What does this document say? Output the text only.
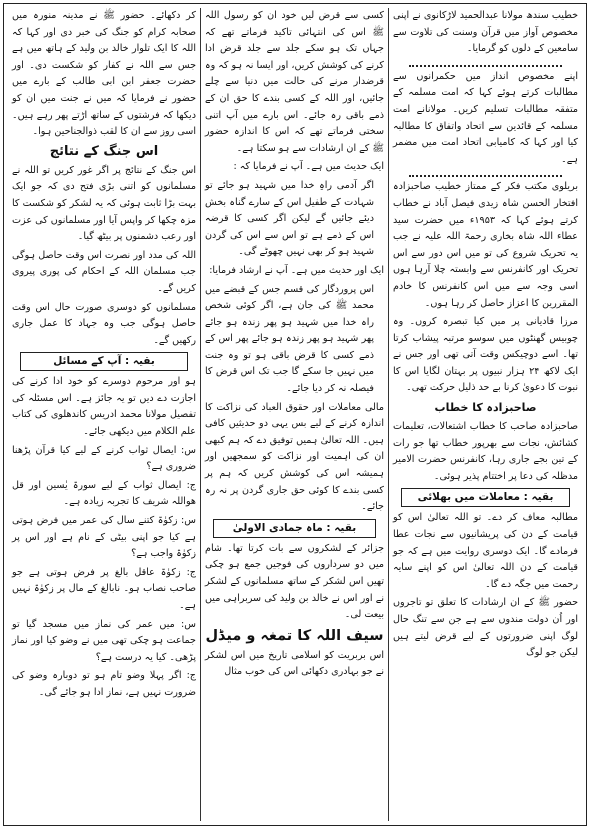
خطیب سندھ مولانا عبدالحمید لاڑکانوی نے اپنی مخصوص آواز میں قرآن وسنت کی تلاوت سے سامعین کے دلوں کو گرمایا۔

اپنے مخصوص انداز میں حکمرانوں سے مطالبات کرتے ہوئے کہا کہ امت مسلمہ کے متفقہ مطالبات تسلیم کریں۔ مولانانے امت مسلمہ کے قائدین سے اتحاد واتفاق کا مطالبہ کیا اور کہا کہ کامیابی اتحاد امت میں مضمر ہے۔

بریلوی مکتب فکر کے ممتاز خطیب صاحبزادہ افتخار الحسن شاہ زیدی فیصل آباد نے خطاب کرتے ہوئے کہا کہ ۱۹۵۳ء میں حضرت سید عطاء اللہ شاہ بخاری رحمۃ اللہ علیہ نے جب یہ تحریک شروع کی تو میں اس دور سے اس تحریک اور کانفرنس سے وابستہ چلا آرہا ہوں اسی وجہ سے میں اس کانفرنس کا خادم المقررین کا اعزاز حاصل کر رہا ہوں۔

مرزا قادیانی پر میں کیا تبصرہ کروں۔ وہ چوبیس گھنٹوں میں سوسو مرتبہ پیشاب کرتا تھا۔ اسے دوچیکس وقت آتی تھی اور جس نے ایک لاکھ ۲۴ ہزار نبیوں پر بہتان لگایا اس کا نبوت کا دعویٰ کرنا بے حد ذلیل حرکت تھی۔

صاحبزادہ کا خطاب

صاحبزادہ صاحب کا خطاب اشتعالات، تعلیمات کشائش، نجات سے بھرپور خطاب تھا جو رات کے تین بجے جاری رہا، کانفرنس حضرت الامیر مدظلہ کی دعا پر اختتام پذیر ہوئی۔

بقیہ : معاملات میں بھلائی

مطالبہ معاف کر دے۔ تو اللہ تعالیٰ اس کو قیامت کے دن کی پریشانیوں سے نجات عطا فرمادے گا۔ ایک دوسری روایت میں ہے کہ جو قیامت کے دن اللہ تعالیٰ اس کو اپنے سایہ رحمت میں جگہ دے گا۔

حضور ﷺ کے ان ارشادات کا تعلق تو تاجروں اور اُن دولت مندوں سے ہے جن سے تنگ حال لوگ اپنی ضرورتوں کے لیے قرض لیتے ہیں لیکن جو لوگ

کسی سے قرض لیں خود ان کو رسول اللہ ﷺ اس کی انتہائی تاکید فرماتے تھے کہ جہاں تک ہو سکے جلد سے جلد قرض ادا کرنے کی کوشش کریں، اور ایسا نہ ہو کہ وہ قرضدار مرنے کی حالت میں دنیا سے چلے جائیں، اور اللہ کے کسی بندے کا حق ان کے ذمے باقی رہ جائے۔ اس بارے میں آپ اتنی سختی فرماتے تھے کہ اس کا اندازہ حضور ﷺ کے ان ارشادات سے ہو سکتا ہے۔

ایک حدیث میں ہے۔ آپ نے فرمایا کہ :

اگر آدمی راہِ خدا میں شہید ہو جائے تو شہادت کے طفیل اس کے سارے گناہ بخش دیئے جائیں گے لیکن اگر کسی کا قرضہ اس کے ذمے ہے تو اس سے اس کی گردن شہید ہو کر بھی نہیں چھوٹے گی۔

ایک اور حدیث میں ہے۔ آپ نے ارشاد فرمایا:

اس پروردگار کی قسم جس کے قبضے میں محمد ﷺ کی جان ہے، اگر کوئی شخص راہ خدا میں شہید ہو پھر زندہ ہو جائے پھر شہید ہو پھر زندہ ہو جائے پھر اس کے ذمے کسی کا قرض باقی ہو تو وہ جنت میں نہیں جا سکے گا جب تک اس قرض کا فیصلہ نہ کر دیا جائے۔

مالی معاملات اور حقوق العباد کی نزاکت کا اندازہ کرنے کے لیے بس یہی دو حدیثیں کافی ہیں۔ اللہ تعالیٰ ہمیں توفیق دے کہ ہم کبھی ان کی اہمیت اور نزاکت کو سمجھیں اور ہمیشہ اس کی کوشش کریں کہ ہم پر کسی بندے کا کوئی حق جاری گردن پر نہ رہ جائے۔

بقیہ : ماہ جمادی الاولیٰ

جزائر کے لشکروں سے بات کرتا تھا۔ شام میں دو سرداروں کی فوجیں جمع ہو چکی تھیں اس لشکر کے ساتھ مسلمانوں کے لشکر نے اور اس نے خالد بن ولید کی سربراہی میں بیعت لی۔

سیف اللہ کا تمغہ و میڈل

اس بربریت کو اسلامی تاریخ میں اس لشکر نے جو بہادری دکھائی اس کی خوب مثال

کر دکھائے۔ حضور ﷺ نے مدینہ منورہ میں صحابہ کرام کو جنگ کی خبر دی اور کہا کہ اللہ کا ایک تلوار خالد بن ولید کے ہاتھ میں ہے جس سے اللہ نے کفار کو شکست دی۔ اور حضرت جعفر ابن ابی طالب کے بارے میں حضور نے فرمایا کہ میں نے جنت میں ان کو دیکھا کہ فرشتوں کے ساتھ اڑتے پھر رہے ہیں۔ اسی روز سے ان کا لقب ذوالجناحین ہوا۔

اس جنگ کے نتائج

اس جنگ کے نتائج پر اگر غور کریں تو اللہ نے مسلمانوں کو اتنی بڑی فتح دی کہ جو ایک بہت بڑا ثابت ہوئی کہ یہ لشکر کو شکست کا مزہ چکھا کر واپس آیا اور مسلمانوں کی عزت اور رعب دشمنوں پر بیٹھ گیا۔

اللہ کی مدد اور نصرت اس وقت حاصل ہوگی جب مسلمان اللہ کے احکام کی پوری پیروی کریں گے۔

مسلمانوں کو دوسری صورت حال اس وقت حاصل ہوگی جب وہ جہاد کا عمل جاری رکھیں گے۔

بقیہ : آپ کے مسائل

ہو اور مرحوم دوسرے کو خود ادا کرنے کی اجازت دے دیں تو یہ جائز ہے۔ اس مسئلہ کی تفصیل مولانا محمد ادریس کاندھلوی کی کتاب علم الکلام میں دیکھی جائے۔

س: ایصال ثواب کرنے کے لیے کیا قرآن پڑھنا ضروری ہے؟

ج: ایصال ثواب کے لیے سورۃ یٰسین اور قل ھواللہ شریف کا تجربہ زیادہ ہے۔

س: زکوٰۃ کتنے سال کی عمر میں فرض ہوتی ہے کیا جو اپنی بیٹی کے نام ہے اور اس پر زکوٰۃ واجب ہے؟

ج: زکوٰۃ عاقل بالغ پر فرض ہوتی ہے جو صاحب نصاب ہو۔ نابالغ کے مال پر زکوٰۃ نہیں ہے۔

س: میں عمر کی نماز میں مسجد گیا تو جماعت ہو چکی تھی میں نے وضو کیا اور نماز پڑھی۔ کیا یہ درست ہے؟

ج: اگر پہلا وضو تام ہو تو دوبارہ وضو کی ضرورت نہیں ہے، نماز ادا ہو جائے گی۔
